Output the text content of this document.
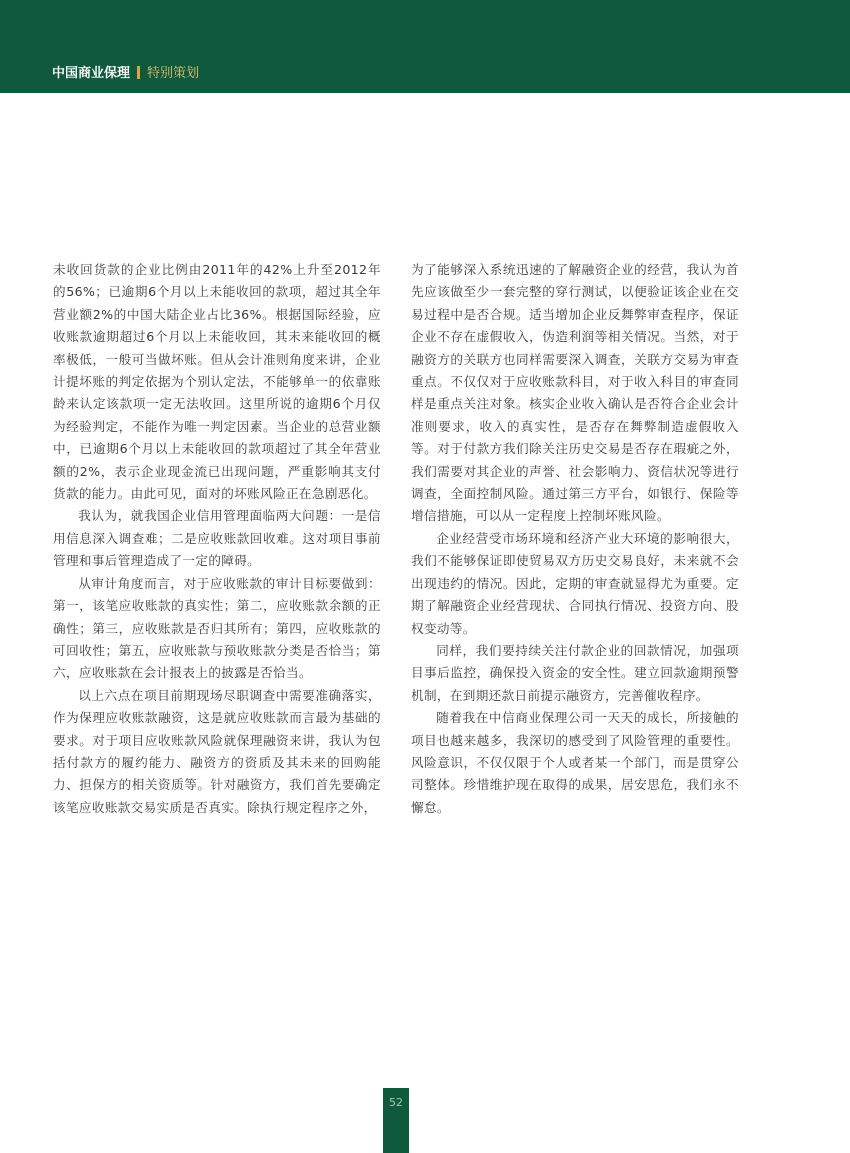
中国商业保理 特别策划

未收回货款的企业比例由2011年的42%上升至2012年的56%；已逾期6个月以上未能收回的款项，超过其全年营业额2%的中国大陆企业占比36%。根据国际经验，应收账款逾期超过6个月以上未能收回，其未来能收回的概率极低，一般可当做坏账。但从会计准则角度来讲，企业计提坏账的判定依据为个别认定法，不能够单一的依靠账龄来认定该款项一定无法收回。这里所说的逾期6个月仅为经验判定，不能作为唯一判定因素。当企业的总营业额中，已逾期6个月以上未能收回的款项超过了其全年营业额的2%，表示企业现金流已出现问题，严重影响其支付货款的能力。由此可见，面对的坏账风险正在急剧恶化。

我认为，就我国企业信用管理面临两大问题：一是信用信息深入调查难；二是应收账款回收难。这对项目事前管理和事后管理造成了一定的障碍。

从审计角度而言，对于应收账款的审计目标要做到：第一，该笔应收账款的真实性；第二，应收账款余额的正确性；第三，应收账款是否归其所有；第四，应收账款的可回收性；第五，应收账款与预收账款分类是否恰当；第六，应收账款在会计报表上的披露是否恰当。

以上六点在项目前期现场尽职调查中需要准确落实，作为保理应收账款融资，这是就应收账款而言最为基础的要求。对于项目应收账款风险就保理融资来讲，我认为包括付款方的履约能力、融资方的资质及其未来的回购能力、担保方的相关资质等。针对融资方，我们首先要确定该笔应收账款交易实质是否真实。除执行规定程序之外，

为了能够深入系统迅速的了解融资企业的经营，我认为首先应该做至少一套完整的穿行测试，以便验证该企业在交易过程中是否合规。适当增加企业反舞弊审查程序，保证企业不存在虚假收入，伪造利润等相关情况。当然，对于融资方的关联方也同样需要深入调查，关联方交易为审查重点。不仅仅对于应收账款科目，对于收入科目的审查同样是重点关注对象。核实企业收入确认是否符合企业会计准则要求，收入的真实性，是否存在舞弊制造虚假收入等。对于付款方我们除关注历史交易是否存在瑕疵之外，我们需要对其企业的声誉、社会影响力、资信状况等进行调查，全面控制风险。通过第三方平台，如银行、保险等增信措施，可以从一定程度上控制坏账风险。

企业经营受市场环境和经济产业大环境的影响很大，我们不能够保证即使贸易双方历史交易良好，未来就不会出现违约的情况。因此，定期的审查就显得尤为重要。定期了解融资企业经营现状、合同执行情况、投资方向、股权变动等。

同样，我们要持续关注付款企业的回款情况，加强项目事后监控，确保投入资金的安全性。建立回款逾期预警机制，在到期还款日前提示融资方，完善催收程序。

随着我在中信商业保理公司一天天的成长，所接触的项目也越来越多，我深切的感受到了风险管理的重要性。风险意识，不仅仅限于个人或者某一个部门，而是贯穿公司整体。珍惜维护现在取得的成果，居安思危，我们永不懈怠。

52
